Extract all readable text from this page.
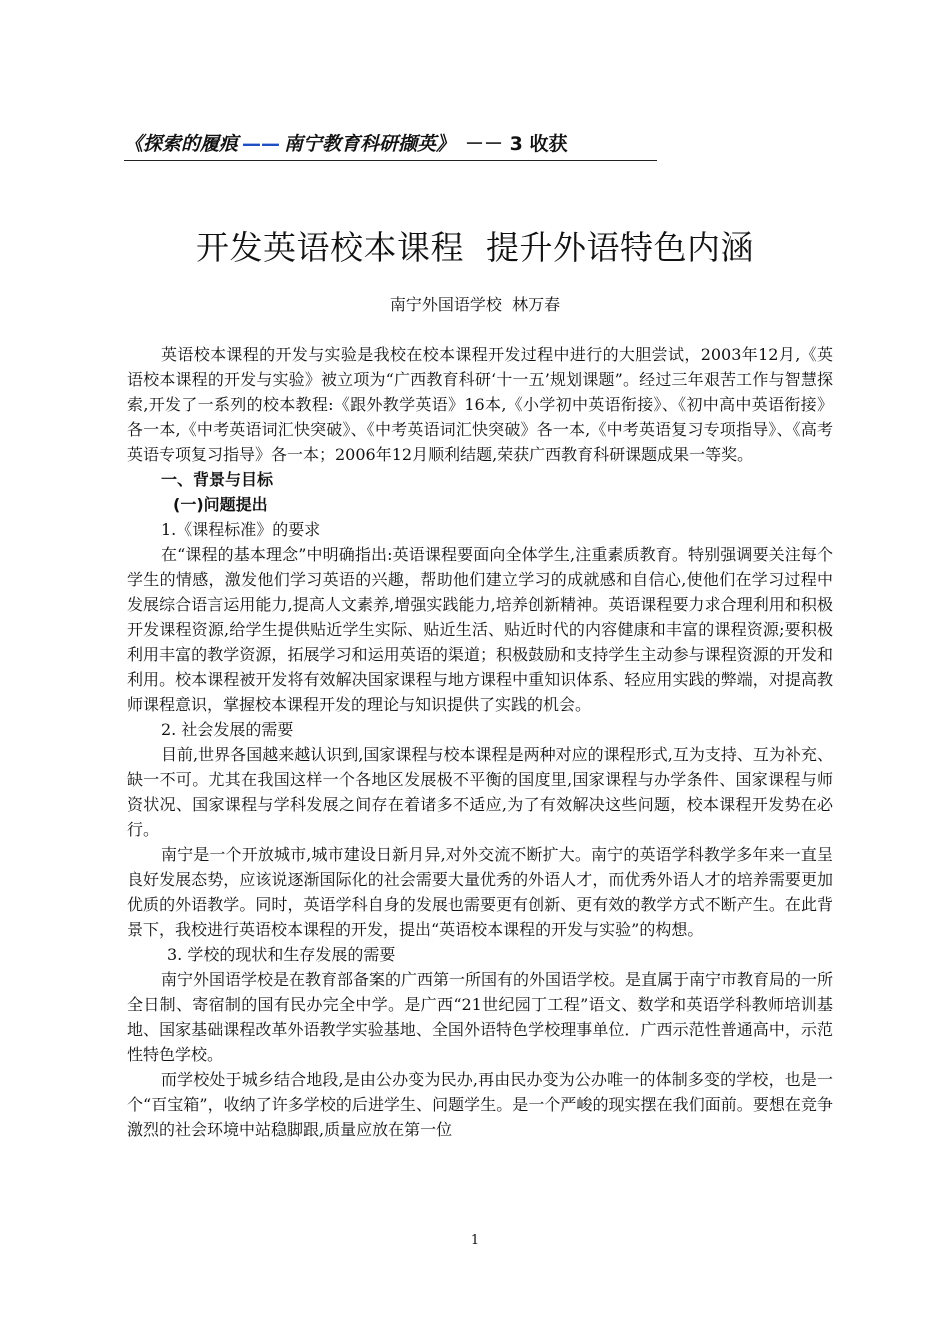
《探索的履痕 —— 南宁教育科研撷英》 －－ 3 收获
开发英语校本课程  提升外语特色内涵
南宁外国语学校  林万春

英语校本课程的开发与实验是我校在校本课程开发过程中进行的大胆尝试，2003年12月,《英语校本课程的开发与实验》被立项为“广西教育科研‘十一五’规划课题”。经过三年艰苦工作与智慧探索,开发了一系列的校本教程:《跟外教学英语》16本,《小学初中英语衔接》、《初中高中英语衔接》各一本,《中考英语词汇快突破》、《中考英语词汇快突破》各一本,《中考英语复习专项指导》、《高考英语专项复习指导》各一本；2006年12月顺利结题,荣获广西教育科研课题成果一等奖。

一、背景与目标

(一)问题提出

1.《课程标准》的要求

在“课程的基本理念”中明确指出:英语课程要面向全体学生,注重素质教育。特别强调要关注每个学生的情感，激发他们学习英语的兴趣，帮助他们建立学习的成就感和自信心,使他们在学习过程中发展综合语言运用能力,提高人文素养,增强实践能力,培养创新精神。英语课程要力求合理利用和积极开发课程资源,给学生提供贴近学生实际、贴近生活、贴近时代的内容健康和丰富的课程资源;要积极利用丰富的教学资源，拓展学习和运用英语的渠道；积极鼓励和支持学生主动参与课程资源的开发和利用。校本课程被开发将有效解决国家课程与地方课程中重知识体系、轻应用实践的弊端，对提高教师课程意识，掌握校本课程开发的理论与知识提供了实践的机会。

2. 社会发展的需要

目前,世界各国越来越认识到,国家课程与校本课程是两种对应的课程形式,互为支持、互为补充、缺一不可。尤其在我国这样一个各地区发展极不平衡的国度里,国家课程与办学条件、国家课程与师资状况、国家课程与学科发展之间存在着诸多不适应,为了有效解决这些问题，校本课程开发势在必行。

南宁是一个开放城市,城市建设日新月异,对外交流不断扩大。南宁的英语学科教学多年来一直呈良好发展态势，应该说逐渐国际化的社会需要大量优秀的外语人才，而优秀外语人才的培养需要更加优质的外语教学。同时，英语学科自身的发展也需要更有创新、更有效的教学方式不断产生。在此背景下，我校进行英语校本课程的开发，提出“英语校本课程的开发与实验”的构想。

3. 学校的现状和生存发展的需要

南宁外国语学校是在教育部备案的广西第一所国有的外国语学校。是直属于南宁市教育局的一所全日制、寄宿制的国有民办完全中学。是广西“21世纪园丁工程”语文、数学和英语学科教师培训基地、国家基础课程改革外语教学实验基地、全国外语特色学校理事单位．广西示范性普通高中，示范性特色学校。

而学校处于城乡结合地段,是由公办变为民办,再由民办变为公办唯一的体制多变的学校，也是一个“百宝箱”，收纳了许多学校的后进学生、问题学生。是一个严峻的现实摆在我们面前。要想在竞争激烈的社会环境中站稳脚跟,质量应放在第一位

1
